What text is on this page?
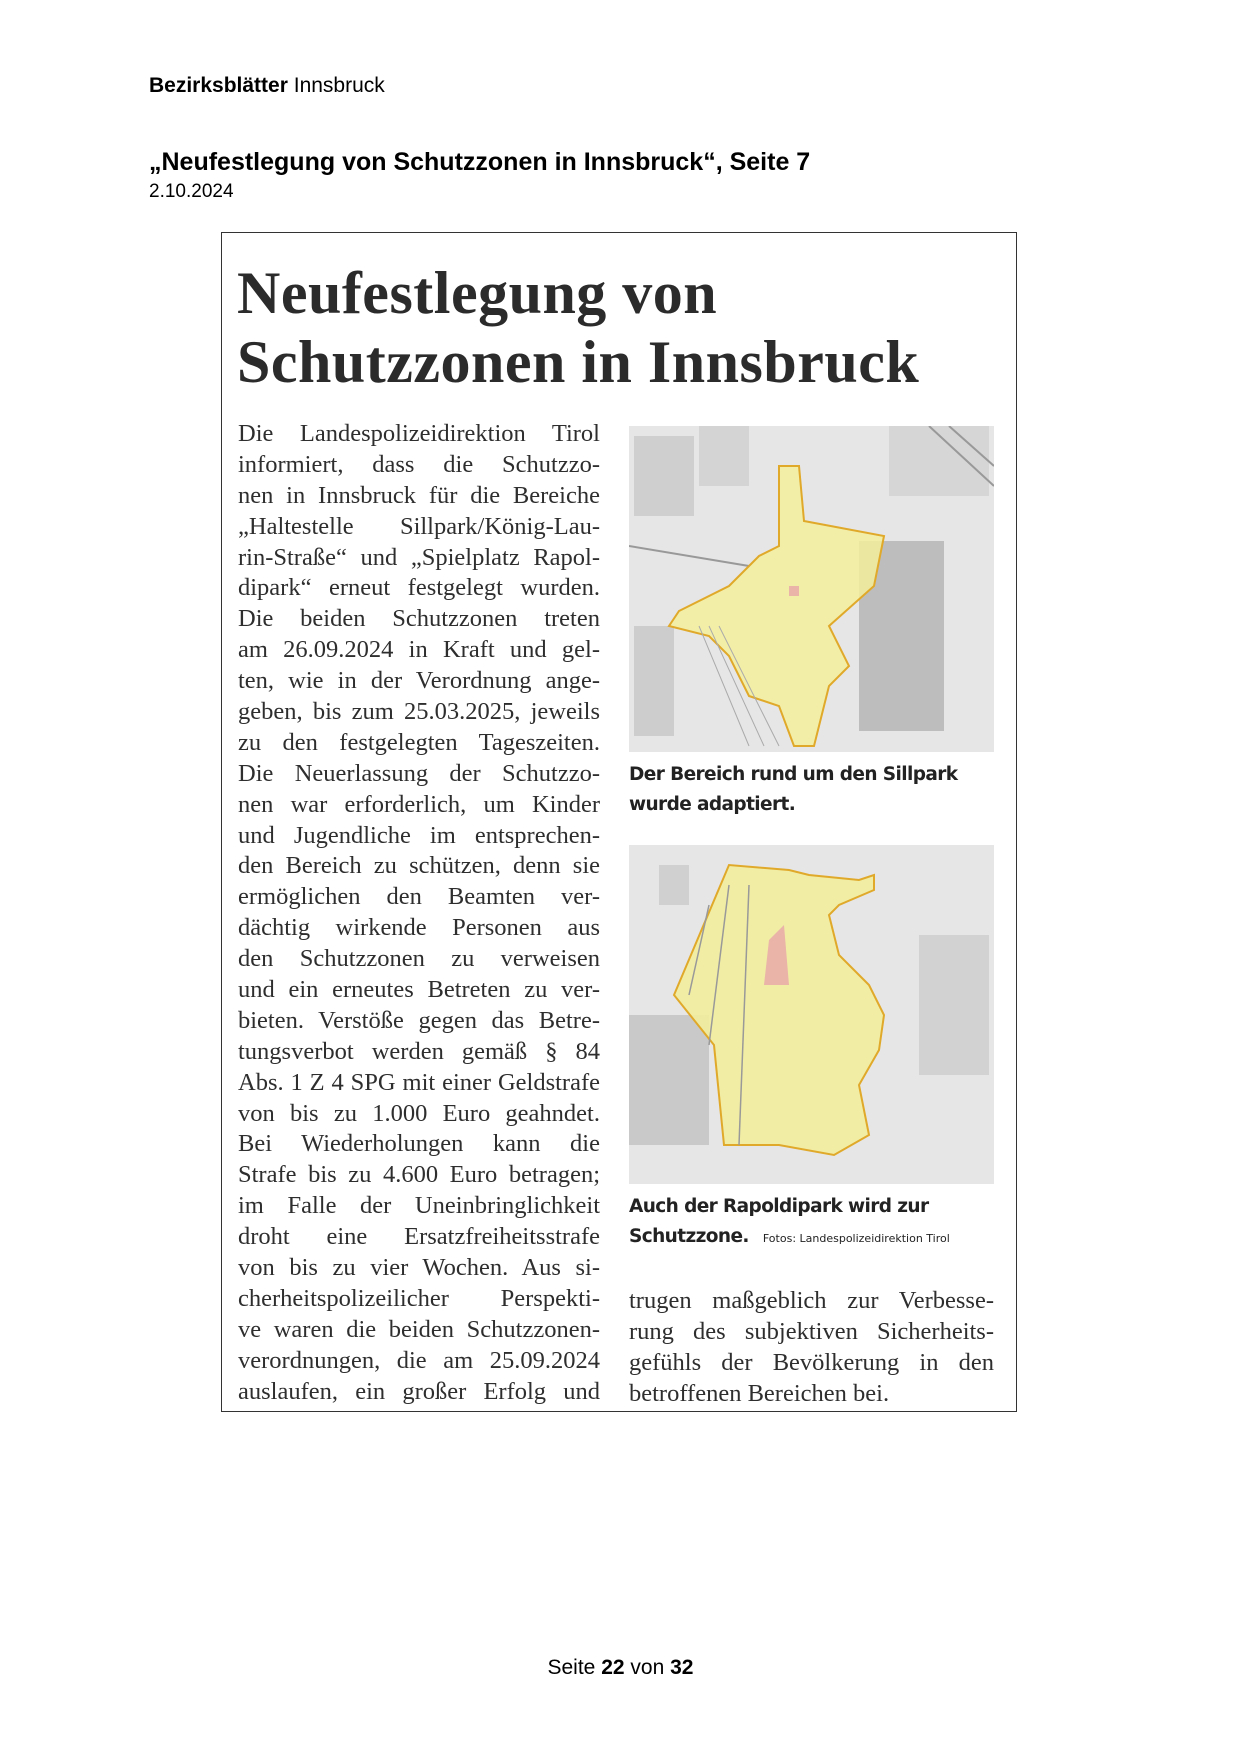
Bezirksblätter Innsbruck
„Neufestlegung von Schutzzonen in Innsbruck“, Seite 7
2.10.2024
Neufestlegung von
Schutzzonen in Innsbruck
Die Landespolizeidirektion Tirol
informiert, dass die Schutzzo-
nen in Innsbruck für die Bereiche
„Haltestelle Sillpark/König-Lau-
rin-Straße“ und „Spielplatz Rapol-
dipark“ erneut festgelegt wurden.
Die beiden Schutzzonen treten
am 26.09.2024 in Kraft und gel-
ten, wie in der Verordnung ange-
geben, bis zum 25.03.2025, jeweils
zu den festgelegten Tageszeiten.
Die Neuerlassung der Schutzzo-
nen war erforderlich, um Kinder
und Jugendliche im entsprechen-
den Bereich zu schützen, denn sie
ermöglichen den Beamten ver-
dächtig wirkende Personen aus
den Schutzzonen zu verweisen
und ein erneutes Betreten zu ver-
bieten. Verstöße gegen das Betre-
tungsverbot werden gemäß § 84
Abs. 1 Z 4 SPG mit einer Geldstrafe
von bis zu 1.000 Euro geahndet.
Bei Wiederholungen kann die
Strafe bis zu 4.600 Euro betragen;
im Falle der Uneinbringlichkeit
droht eine Ersatzfreiheitsstrafe
von bis zu vier Wochen. Aus si-
cherheitspolizeilicher Perspekti-
ve waren die beiden Schutzzonen-
verordnungen, die am 25.09.2024
auslaufen, ein großer Erfolg und
Der Bereich rund um den Sillpark
wurde adaptiert.
Auch der Rapoldipark wird zur
Schutzzone. Fotos: Landespolizeidirektion Tirol
trugen maßgeblich zur Verbesse-
rung des subjektiven Sicherheits-
gefühls der Bevölkerung in den
betroffenen Bereichen bei.
Seite 22 von 32
